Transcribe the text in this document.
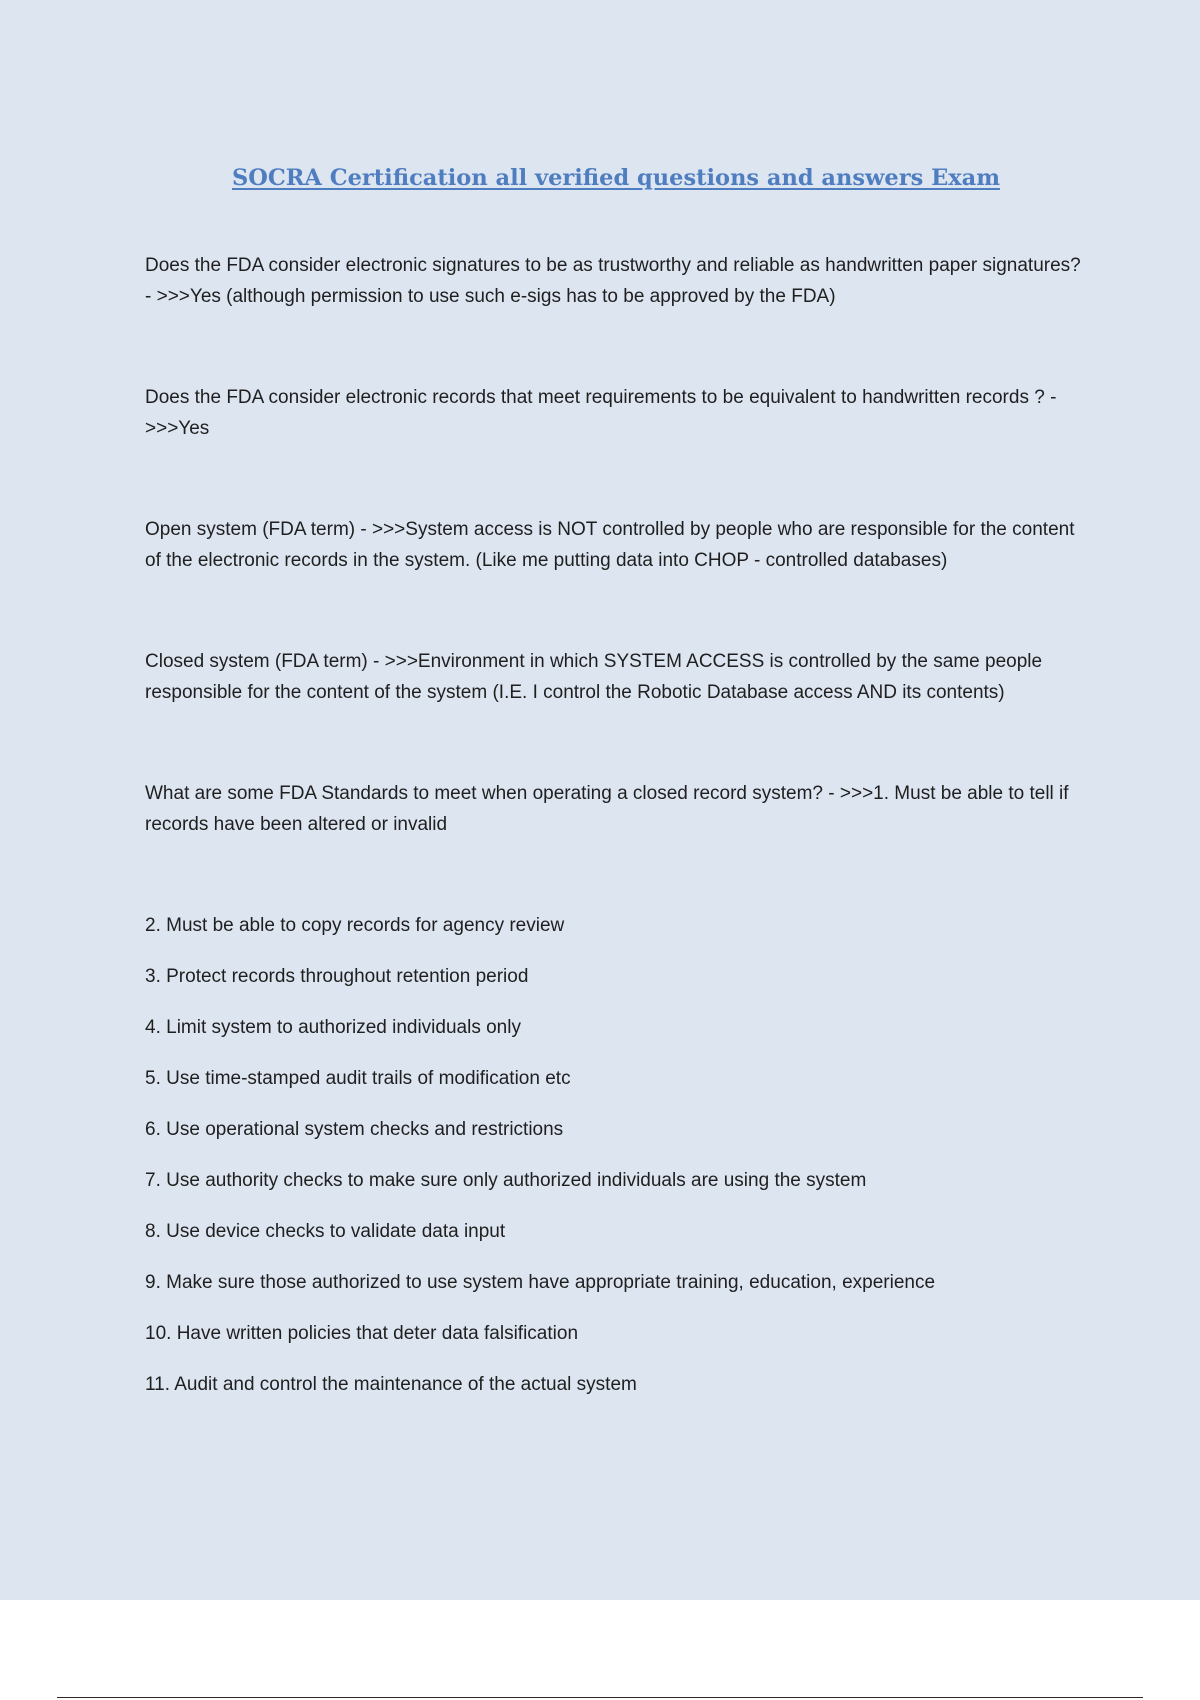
SOCRA Certification all verified questions and answers Exam

Does the FDA consider electronic signatures to be as trustworthy and reliable as handwritten paper signatures? - >>>Yes (although permission to use such e-sigs has to be approved by the FDA)

Does the FDA consider electronic records that meet requirements to be equivalent to handwritten records ? - >>>Yes

Open system (FDA term) - >>>System access is NOT controlled by people who are responsible for the content of the electronic records in the system. (Like me putting data into CHOP - controlled databases)

Closed system (FDA term) - >>>Environment in which SYSTEM ACCESS is controlled by the same people responsible for the content of the system (I.E. I control the Robotic Database access AND its contents)

What are some FDA Standards to meet when operating a closed record system? - >>>1. Must be able to tell if records have been altered or invalid

2. Must be able to copy records for agency review

3. Protect records throughout retention period

4. Limit system to authorized individuals only

5. Use time-stamped audit trails of modification etc

6. Use operational system checks and restrictions

7. Use authority checks to make sure only authorized individuals are using the system

8. Use device checks to validate data input

9. Make sure those authorized to use system have appropriate training, education, experience

10. Have written policies that deter data falsification

11. Audit and control the maintenance of the actual system
